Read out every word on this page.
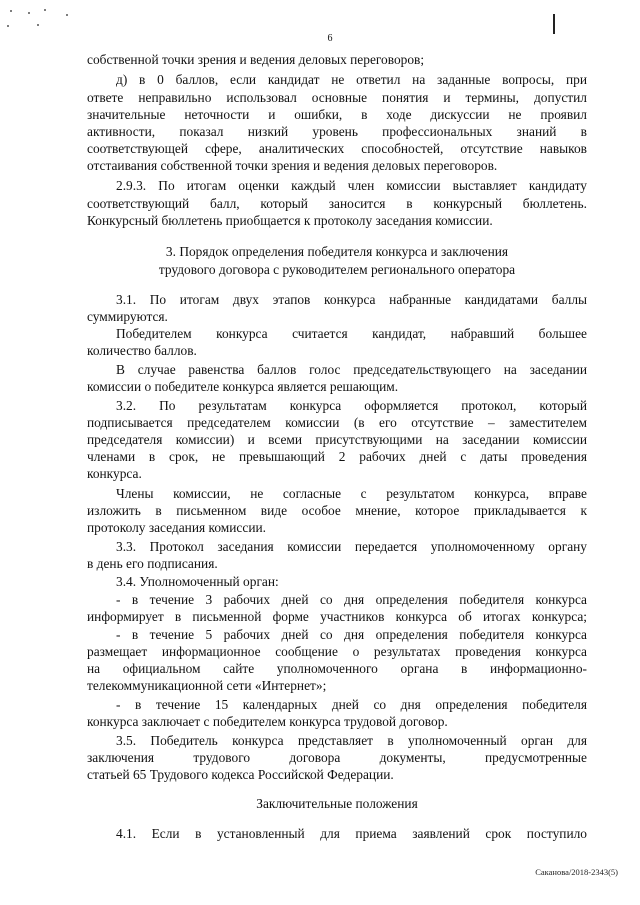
6
собственной точки зрения и ведения деловых переговоров;
д) в 0 баллов, если кандидат не ответил на заданные вопросы, при
ответе неправильно использовал основные понятия и термины, допустил
значительные неточности и ошибки, в ходе дискуссии не проявил
активности, показал низкий уровень профессиональных знаний в
соответствующей сфере, аналитических способностей, отсутствие навыков
отстаивания собственной точки зрения и ведения деловых переговоров.
2.9.3. По итогам оценки каждый член комиссии выставляет кандидату
соответствующий балл, который заносится в конкурсный бюллетень.
Конкурсный бюллетень приобщается к протоколу заседания комиссии.
3. Порядок определения победителя конкурса и заключения
трудового договора с руководителем регионального оператора
3.1. По итогам двух этапов конкурса набранные кандидатами баллы
суммируются.
Победителем конкурса считается кандидат, набравший большее
количество баллов.
В случае равенства баллов голос председательствующего на заседании
комиссии о победителе конкурса является решающим.
3.2. По результатам конкурса оформляется протокол, который
подписывается председателем комиссии (в его отсутствие – заместителем
председателя комиссии) и всеми присутствующими на заседании комиссии
членами в срок, не превышающий 2 рабочих дней с даты проведения
конкурса.
Члены комиссии, не согласные с результатом конкурса, вправе
изложить в письменном виде особое мнение, которое прикладывается к
протоколу заседания комиссии.
3.3. Протокол заседания комиссии передается уполномоченному органу
в день его подписания.
3.4. Уполномоченный орган:
- в течение 3 рабочих дней со дня определения победителя конкурса
информирует в письменной форме участников конкурса об итогах конкурса;
- в течение 5 рабочих дней со дня определения победителя конкурса
размещает информационное сообщение о результатах проведения конкурса
на официальном сайте уполномоченного органа в информационно-
телекоммуникационной сети «Интернет»;
- в течение 15 календарных дней со дня определения победителя
конкурса заключает с победителем конкурса трудовой договор.
3.5. Победитель конкурса представляет в уполномоченный орган для
заключения трудового договора документы, предусмотренные
статьей 65 Трудового кодекса Российской Федерации.
Заключительные положения
4.1. Если в установленный для приема заявлений срок поступило
Саканова/2018-2343(5)
